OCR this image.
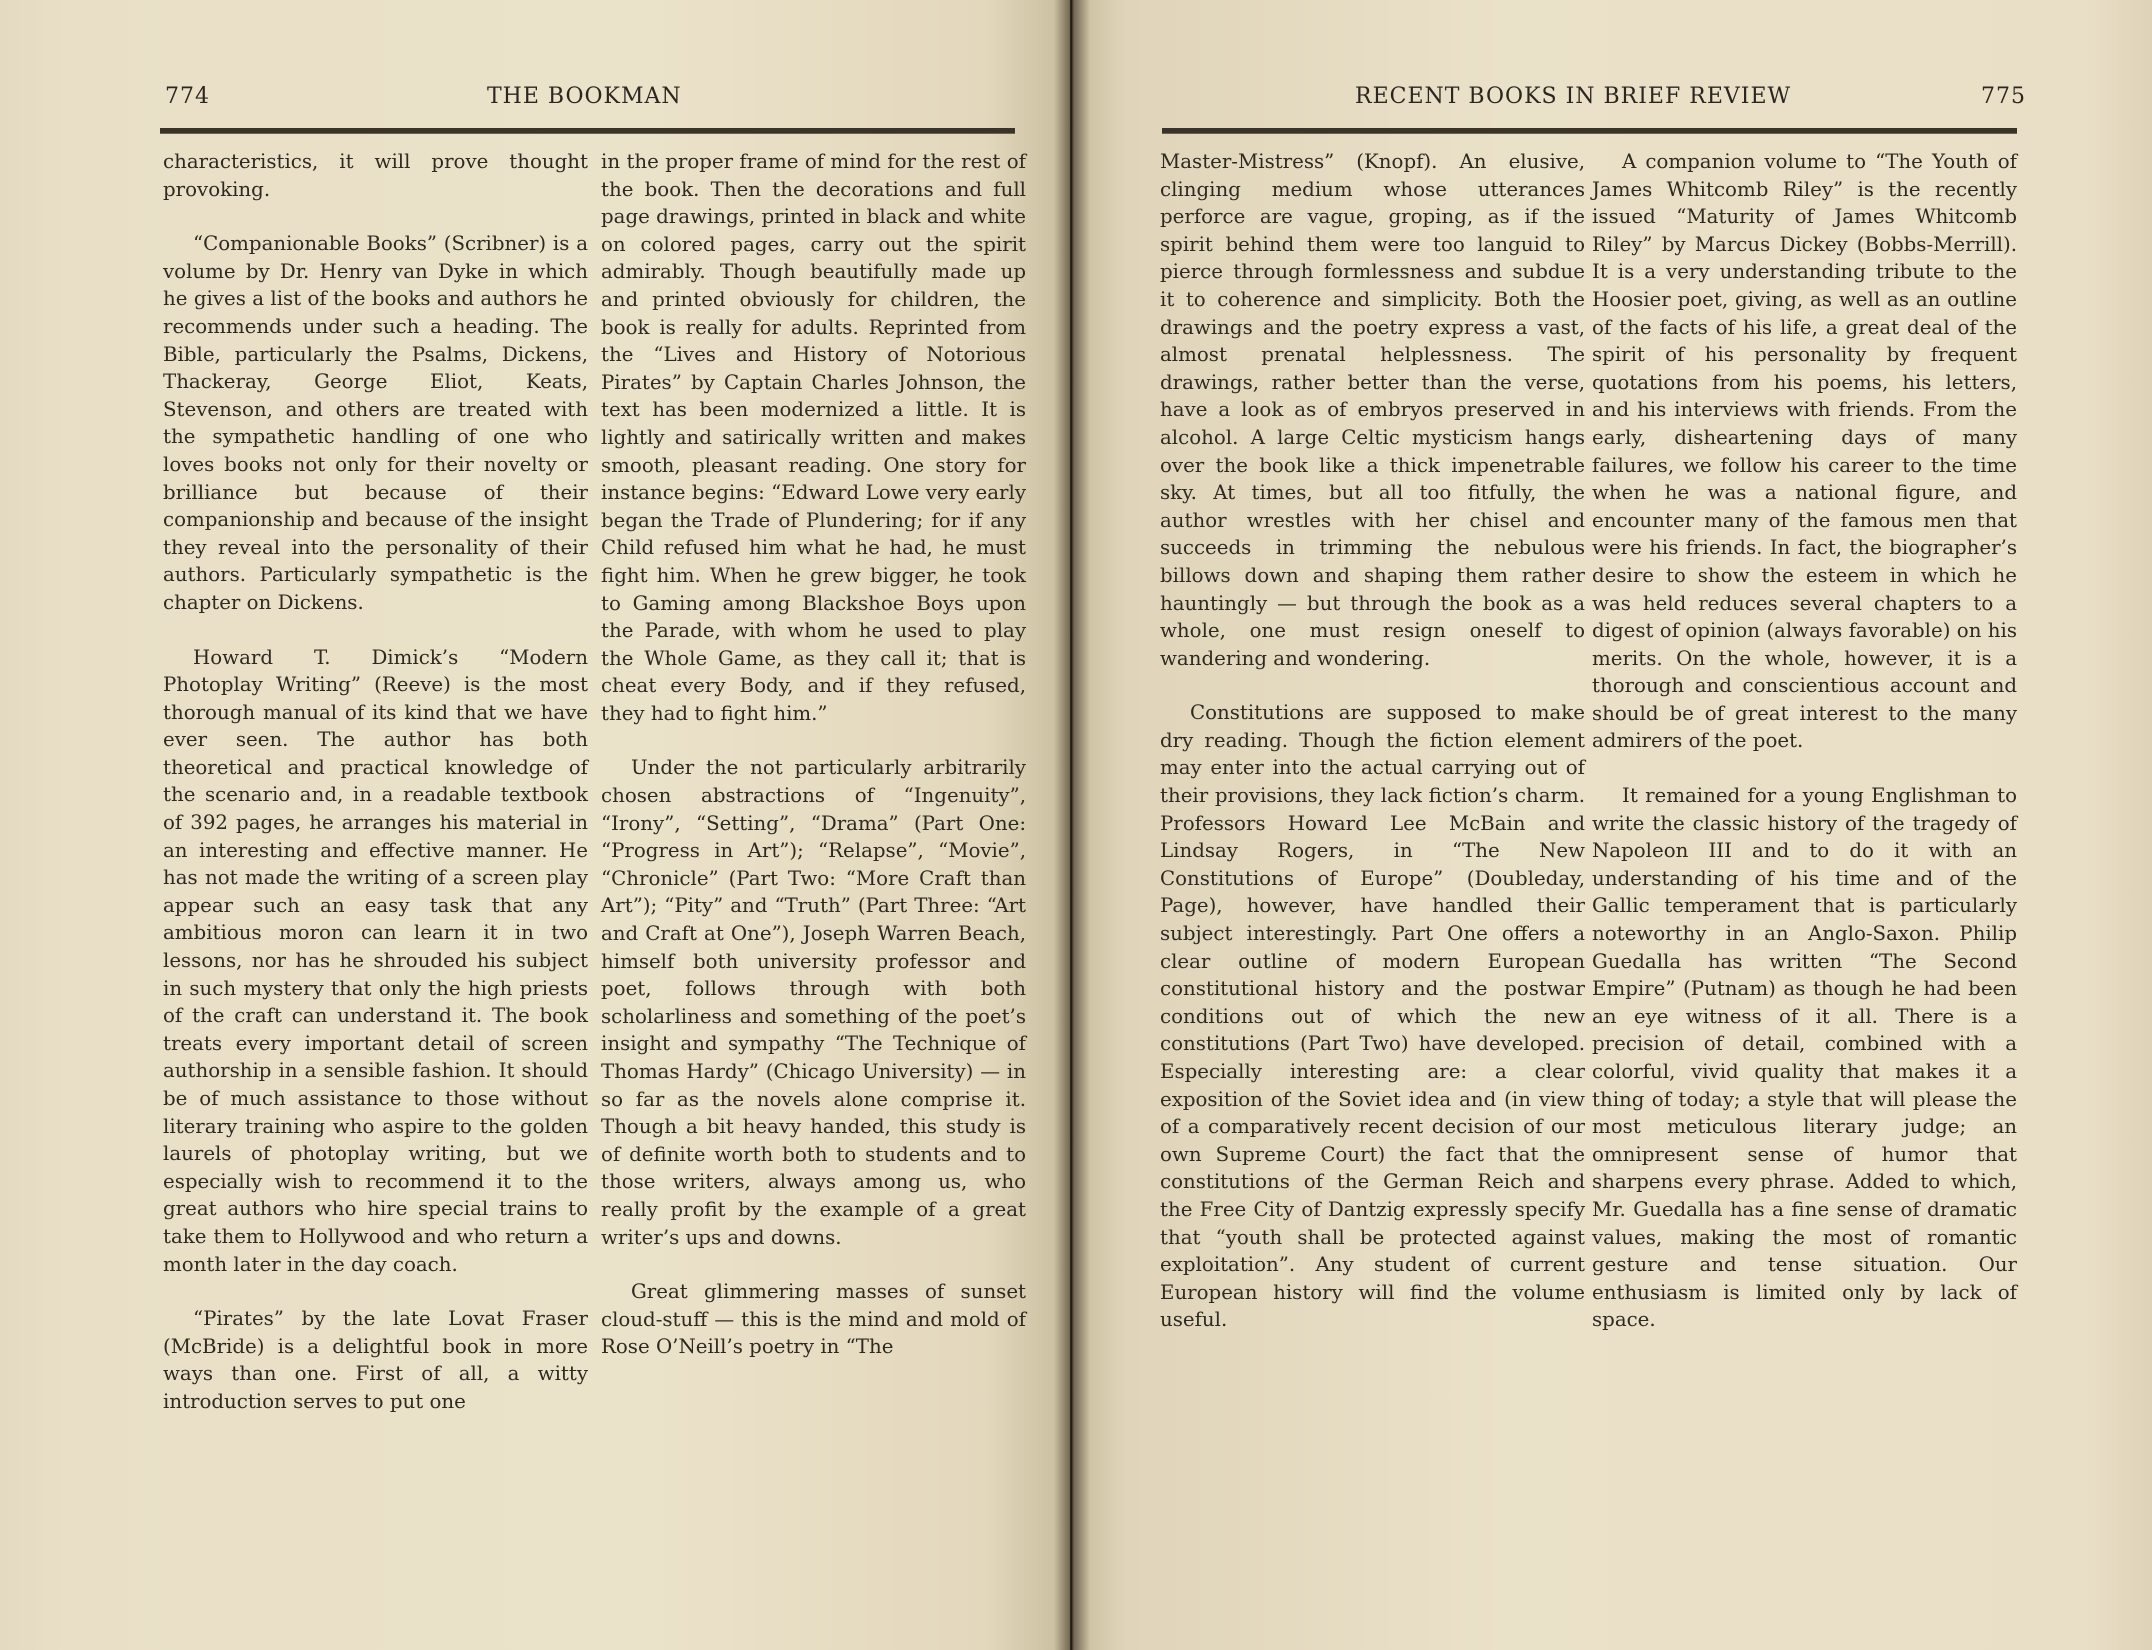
774	THE BOOKMAN

characteristics, it will prove thought provoking.

“Companionable Books” (Scribner) is a volume by Dr. Henry van Dyke in which he gives a list of the books and authors he recommends under such a heading. The Bible, particularly the Psalms, Dickens, Thackeray, George Eliot, Keats, Stevenson, and others are treated with the sympathetic handling of one who loves books not only for their novelty or brilliance but because of their companionship and because of the insight they reveal into the personality of their authors. Particularly sympathetic is the chapter on Dickens.

Howard T. Dimick’s “Modern Photoplay Writing” (Reeve) is the most thorough manual of its kind that we have ever seen. The author has both theoretical and practical knowledge of the scenario and, in a readable textbook of 392 pages, he arranges his material in an interesting and effective manner. He has not made the writing of a screen play appear such an easy task that any ambitious moron can learn it in two lessons, nor has he shrouded his subject in such mystery that only the high priests of the craft can understand it. The book treats every important detail of screen authorship in a sensible fashion. It should be of much assistance to those without literary training who aspire to the golden laurels of photoplay writing, but we especially wish to recommend it to the great authors who hire special trains to take them to Hollywood and who return a month later in the day coach.

“Pirates” by the late Lovat Fraser (McBride) is a delightful book in more ways than one. First of all, a witty introduction serves to put one

in the proper frame of mind for the rest of the book. Then the decorations and full page drawings, printed in black and white on colored pages, carry out the spirit admirably. Though beautifully made up and printed obviously for children, the book is really for adults. Reprinted from the “Lives and History of Notorious Pirates” by Captain Charles Johnson, the text has been modernized a little. It is lightly and satirically written and makes smooth, pleasant reading. One story for instance begins: “Edward Lowe very early began the Trade of Plundering; for if any Child refused him what he had, he must fight him. When he grew bigger, he took to Gaming among Blackshoe Boys upon the Parade, with whom he used to play the Whole Game, as they call it; that is cheat every Body, and if they refused, they had to fight him.”

Under the not particularly arbitrarily chosen abstractions of “Ingenuity”, “Irony”, “Setting”, “Drama” (Part One: “Progress in Art”); “Relapse”, “Movie”, “Chronicle” (Part Two: “More Craft than Art”); “Pity” and “Truth” (Part Three: “Art and Craft at One”), Joseph Warren Beach, himself both university professor and poet, follows through with both scholarliness and something of the poet’s insight and sympathy “The Technique of Thomas Hardy” (Chicago University) — in so far as the novels alone comprise it. Though a bit heavy handed, this study is of definite worth both to students and to those writers, always among us, who really profit by the example of a great writer’s ups and downs.

Great glimmering masses of sunset cloud-stuff — this is the mind and mold of Rose O’Neill’s poetry in “The

RECENT BOOKS IN BRIEF REVIEW	775

Master-Mistress” (Knopf). An elusive, clinging medium whose utterances perforce are vague, groping, as if the spirit behind them were too languid to pierce through formlessness and subdue it to coherence and simplicity. Both the drawings and the poetry express a vast, almost prenatal helplessness. The drawings, rather better than the verse, have a look as of embryos preserved in alcohol. A large Celtic mysticism hangs over the book like a thick impenetrable sky. At times, but all too fitfully, the author wrestles with her chisel and succeeds in trimming the nebulous billows down and shaping them rather hauntingly — but through the book as a whole, one must resign oneself to wandering and wondering.

Constitutions are supposed to make dry reading. Though the fiction element may enter into the actual carrying out of their provisions, they lack fiction’s charm. Professors Howard Lee McBain and Lindsay Rogers, in “The New Constitutions of Europe” (Doubleday, Page), however, have handled their subject interestingly. Part One offers a clear outline of modern European constitutional history and the postwar conditions out of which the new constitutions (Part Two) have developed. Especially interesting are: a clear exposition of the Soviet idea and (in view of a comparatively recent decision of our own Supreme Court) the fact that the constitutions of the German Reich and the Free City of Dantzig expressly specify that “youth shall be protected against exploitation”. Any student of current European history will find the volume useful.

A companion volume to “The Youth of James Whitcomb Riley” is the recently issued “Maturity of James Whitcomb Riley” by Marcus Dickey (Bobbs-Merrill). It is a very understanding tribute to the Hoosier poet, giving, as well as an outline of the facts of his life, a great deal of the spirit of his personality by frequent quotations from his poems, his letters, and his interviews with friends. From the early, disheartening days of many failures, we follow his career to the time when he was a national figure, and encounter many of the famous men that were his friends. In fact, the biographer’s desire to show the esteem in which he was held reduces several chapters to a digest of opinion (always favorable) on his merits. On the whole, however, it is a thorough and conscientious account and should be of great interest to the many admirers of the poet.

It remained for a young Englishman to write the classic history of the tragedy of Napoleon III and to do it with an understanding of his time and of the Gallic temperament that is particularly noteworthy in an Anglo-Saxon. Philip Guedalla has written “The Second Empire” (Putnam) as though he had been an eye witness of it all. There is a precision of detail, combined with a colorful, vivid quality that makes it a thing of today; a style that will please the most meticulous literary judge; an omnipresent sense of humor that sharpens every phrase. Added to which, Mr. Guedalla has a fine sense of dramatic values, making the most of romantic gesture and tense situation. Our enthusiasm is limited only by lack of space.
